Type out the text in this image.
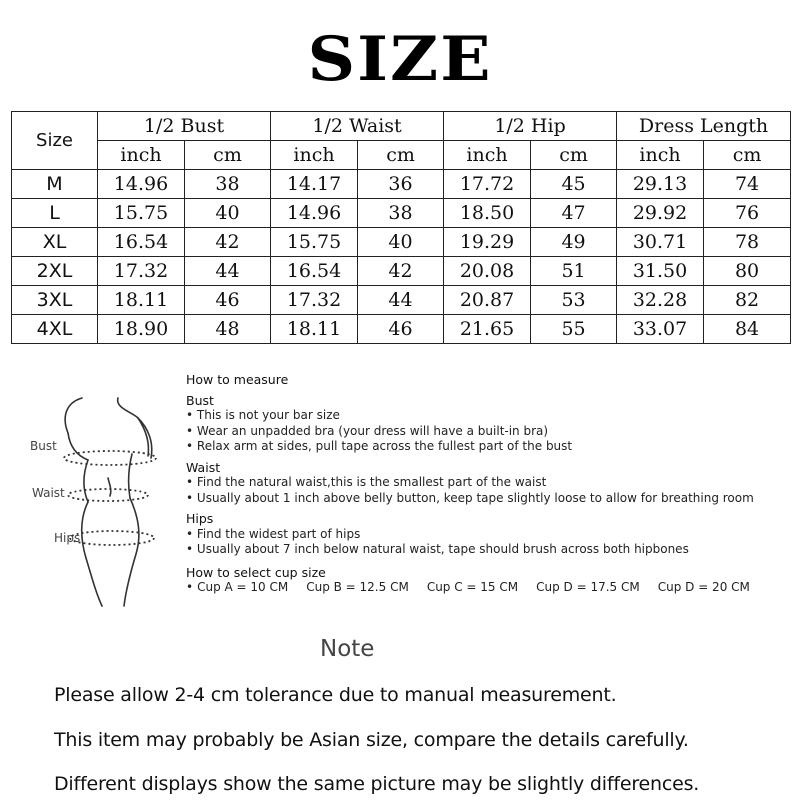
SIZE
Size	1/2 Bust		1/2 Waist		1/2 Hip		Dress Length	
	inch	cm	inch	cm	inch	cm	inch	cm
M	14.96	38	14.17	36	17.72	45	29.13	74
L	15.75	40	14.96	38	18.50	47	29.92	76
XL	16.54	42	15.75	40	19.29	49	30.71	78
2XL	17.32	44	16.54	42	20.08	51	31.50	80
3XL	18.11	46	17.32	44	20.87	53	32.28	82
4XL	18.90	48	18.11	46	21.65	55	33.07	84
Bust
Waist
Hips
How to measure
Bust
• This is not your bar size
• Wear an unpadded bra (your dress will have a built-in bra)
• Relax arm at sides, pull tape across the fullest part of the bust
Waist
• Find the natural waist,this is the smallest part of the waist
• Usually about 1 inch above belly button, keep tape slightly loose to allow for breathing room
Hips
• Find the widest part of hips
• Usually about 7 inch below natural waist, tape should brush across both hipbones
How to select cup size
• Cup A = 10 CM Cup B = 12.5 CM Cup C = 15 CM Cup D = 17.5 CM Cup D = 20 CM
Note
Please allow 2-4 cm tolerance due to manual measurement.
This item may probably be Asian size, compare the details carefully.
Different displays show the same picture may be slightly differences.
